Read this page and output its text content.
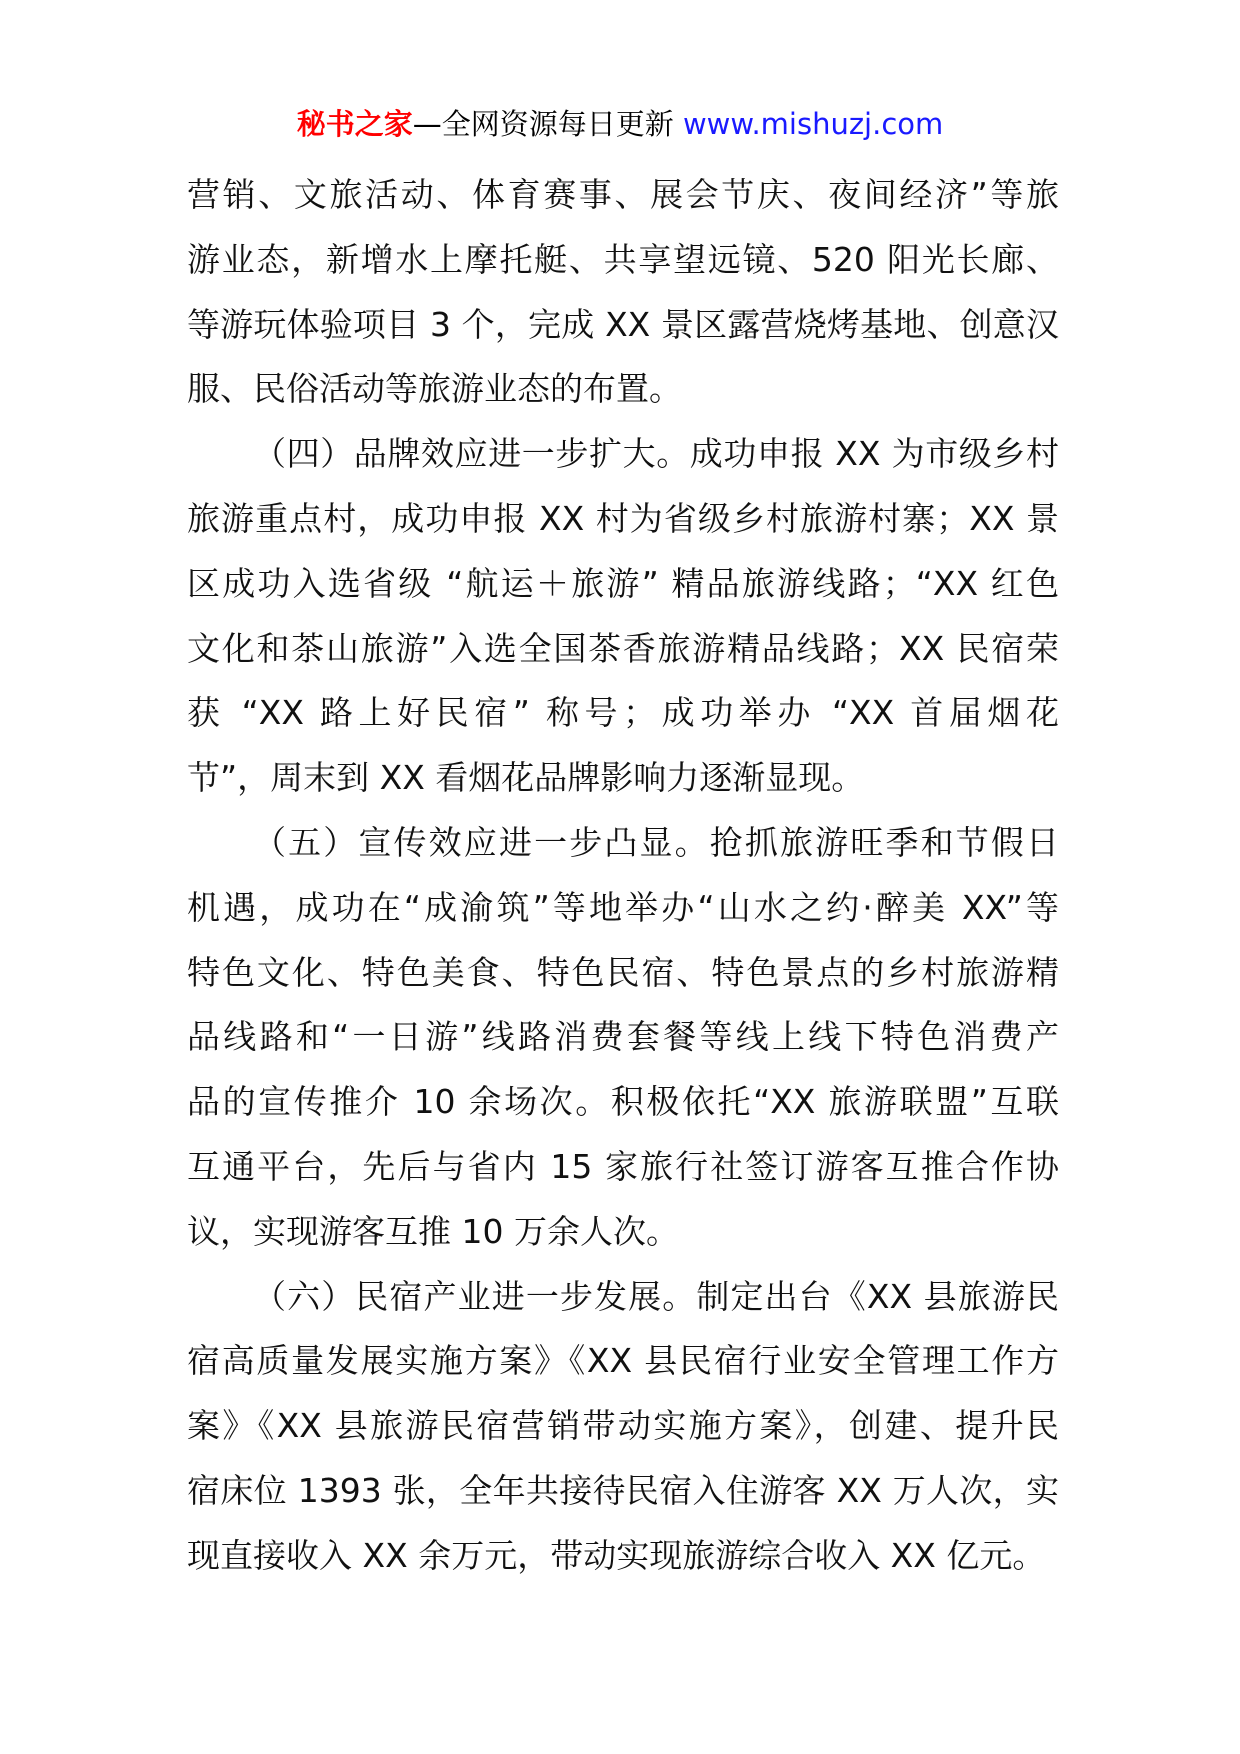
秘书之家—全网资源每日更新 www.mishuzj.com
营销、文旅活动、体育赛事、展会节庆、夜间经济”等旅
游业态，新增水上摩托艇、共享望远镜、520 阳光长廊、
等游玩体验项目 3 个，完成 XX 景区露营烧烤基地、创意汉
服、民俗活动等旅游业态的布置。
（四）品牌效应进一步扩大。成功申报 XX 为市级乡村
旅游重点村，成功申报 XX 村为省级乡村旅游村寨；XX 景
区成功入选省级 “航运＋旅游” 精品旅游线路；“XX 红色
文化和茶山旅游”入选全国茶香旅游精品线路；XX 民宿荣
获 “XX 路上好民宿” 称号；成功举办 “XX 首届烟花
节”，周末到 XX 看烟花品牌影响力逐渐显现。
（五）宣传效应进一步凸显。抢抓旅游旺季和节假日
机遇，成功在“成渝筑”等地举办“山水之约·醉美 XX”等
特色文化、特色美食、特色民宿、特色景点的乡村旅游精
品线路和“一日游”线路消费套餐等线上线下特色消费产
品的宣传推介 10 余场次。积极依托“XX 旅游联盟”互联
互通平台，先后与省内 15 家旅行社签订游客互推合作协
议，实现游客互推 10 万余人次。
（六）民宿产业进一步发展。制定出台《XX 县旅游民
宿高质量发展实施方案》《XX 县民宿行业安全管理工作方
案》《XX 县旅游民宿营销带动实施方案》，创建、提升民
宿床位 1393 张，全年共接待民宿入住游客 XX 万人次，实
现直接收入 XX 余万元，带动实现旅游综合收入 XX 亿元。
